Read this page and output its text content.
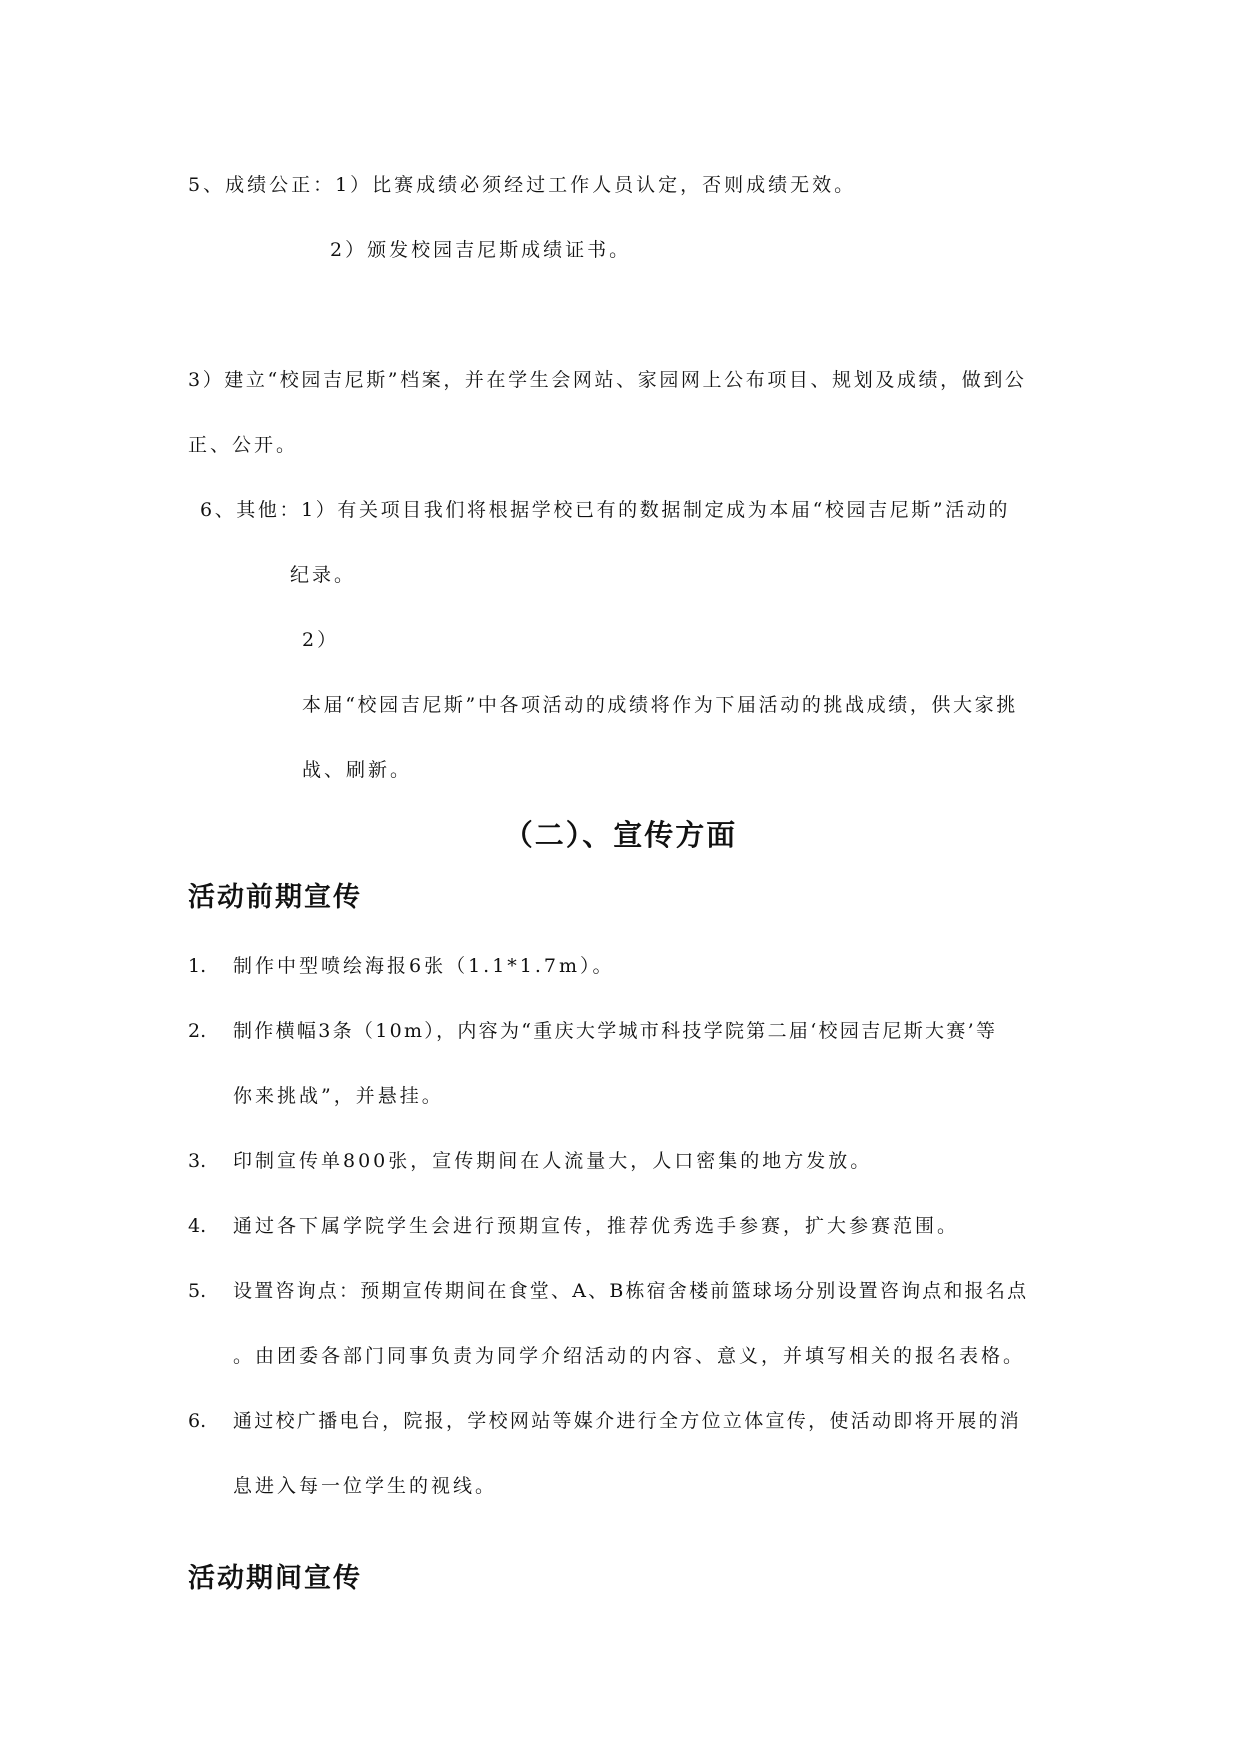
5、成绩公正：1）比赛成绩必须经过工作人员认定，否则成绩无效。
2）颁发校园吉尼斯成绩证书。
3）建立“校园吉尼斯”档案，并在学生会网站、家园网上公布项目、规划及成绩，做到公
正、公开。
6、其他：1）有关项目我们将根据学校已有的数据制定成为本届“校园吉尼斯”活动的
纪录。
2）
本届“校园吉尼斯”中各项活动的成绩将作为下届活动的挑战成绩，供大家挑
战、刷新。
（二）、宣传方面
活动前期宣传
1.	制作中型喷绘海报6张（1.1*1.7m）。
2.	制作横幅3条（10m），内容为“重庆大学城市科技学院第二届‘校园吉尼斯大赛’等
你来挑战”，并悬挂。
3.	印制宣传单800张，宣传期间在人流量大，人口密集的地方发放。
4.	通过各下属学院学生会进行预期宣传，推荐优秀选手参赛，扩大参赛范围。
5.	设置咨询点：预期宣传期间在食堂、A、B栋宿舍楼前篮球场分别设置咨询点和报名点
。由团委各部门同事负责为同学介绍活动的内容、意义，并填写相关的报名表格。
6.	通过校广播电台，院报，学校网站等媒介进行全方位立体宣传，使活动即将开展的消
息进入每一位学生的视线。
活动期间宣传
